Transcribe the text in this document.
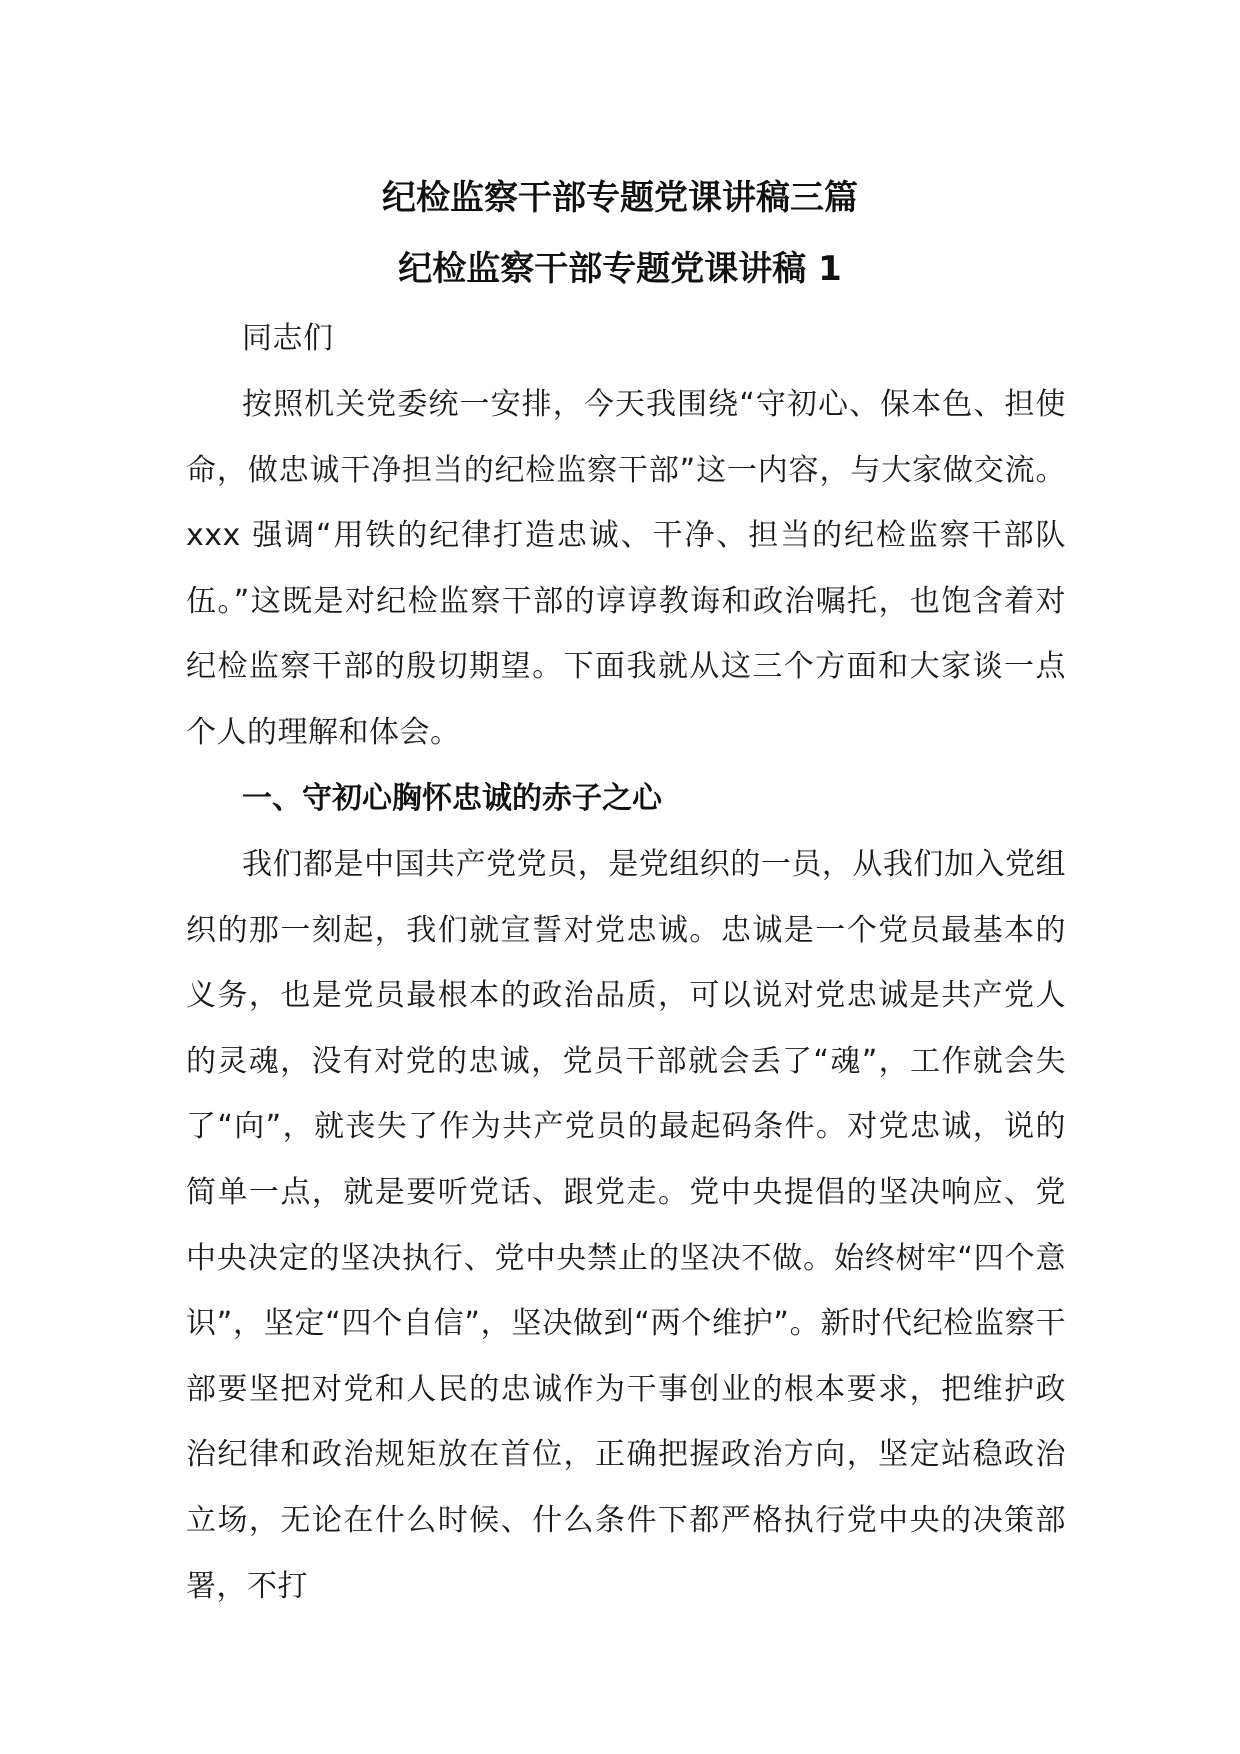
纪检监察干部专题党课讲稿三篇
纪检监察干部专题党课讲稿 1

同志们

按照机关党委统一安排，今天我围绕“守初心、保本色、担使命，做忠诚干净担当的纪检监察干部”这一内容，与大家做交流。xxx 强调“用铁的纪律打造忠诚、干净、担当的纪检监察干部队伍。”这既是对纪检监察干部的谆谆教诲和政治嘱托，也饱含着对纪检监察干部的殷切期望。下面我就从这三个方面和大家谈一点个人的理解和体会。

一、守初心胸怀忠诚的赤子之心

我们都是中国共产党党员，是党组织的一员，从我们加入党组织的那一刻起，我们就宣誓对党忠诚。忠诚是一个党员最基本的义务，也是党员最根本的政治品质，可以说对党忠诚是共产党人的灵魂，没有对党的忠诚，党员干部就会丢了“魂”，工作就会失了“向”，就丧失了作为共产党员的最起码条件。对党忠诚，说的简单一点，就是要听党话、跟党走。党中央提倡的坚决响应、党中央决定的坚决执行、党中央禁止的坚决不做。始终树牢“四个意识”，坚定“四个自信”，坚决做到“两个维护”。新时代纪检监察干部要坚把对党和人民的忠诚作为干事创业的根本要求，把维护政治纪律和政治规矩放在首位，正确把握政治方向，坚定站稳政治立场，无论在什么时候、什么条件下都严格执行党中央的决策部署，不打
